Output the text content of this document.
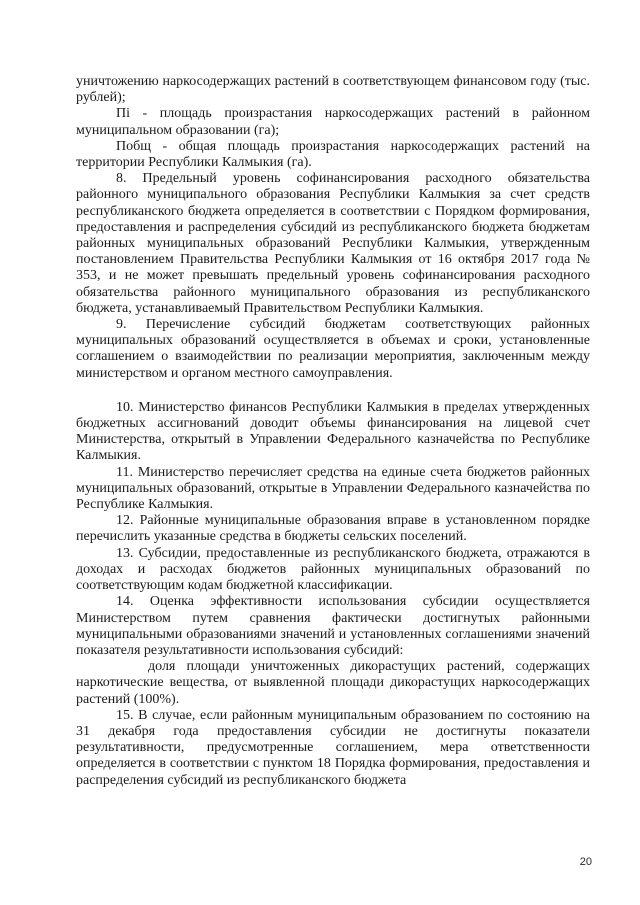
уничтожению наркосодержащих растений в соответствующем финансовом году (тыс. рублей);

Пi - площадь произрастания наркосодержащих растений в районном муниципальном образовании (га);

Побщ - общая площадь произрастания наркосодержащих растений на территории Республики Калмыкия (га).

8. Предельный уровень софинансирования расходного обязательства районного муниципального образования Республики Калмыкия за счет средств республиканского бюджета определяется в соответствии с Порядком формирования, предоставления и распределения субсидий из республиканского бюджета бюджетам районных муниципальных образований Республики Калмыкия, утвержденным постановлением Правительства Республики Калмыкия от 16 октября 2017 года № 353, и не может превышать предельный уровень софинансирования расходного обязательства районного муниципального образования из республиканского бюджета, устанавливаемый Правительством Республики Калмыкия.

9. Перечисление субсидий бюджетам соответствующих районных муниципальных образований осуществляется в объемах и сроки, установленные соглашением о взаимодействии по реализации мероприятия, заключенным между министерством и органом местного самоуправления.

10. Министерство финансов Республики Калмыкия в пределах утвержденных бюджетных ассигнований доводит объемы финансирования на лицевой счет Министерства, открытый в Управлении Федерального казначейства по Республике Калмыкия.

11. Министерство перечисляет средства на единые счета бюджетов районных муниципальных образований, открытые в Управлении Федерального казначейства по Республике Калмыкия.

12. Районные муниципальные образования вправе в установленном порядке перечислить указанные средства в бюджеты сельских поселений.

13. Субсидии, предоставленные из республиканского бюджета, отражаются в доходах и расходах бюджетов районных муниципальных образований по соответствующим кодам бюджетной классификации.

14. Оценка эффективности использования субсидии осуществляется Министерством путем сравнения фактически достигнутых районными муниципальными образованиями значений и установленных соглашениями значений показателя результативности использования субсидий:

доля площади уничтоженных дикорастущих растений, содержащих наркотические вещества, от выявленной площади дикорастущих наркосодержащих растений (100%).

15. В случае, если районным муниципальным образованием по состоянию на 31 декабря года предоставления субсидии не достигнуты показатели результативности, предусмотренные соглашением, мера ответственности определяется в соответствии с пунктом 18 Порядка формирования, предоставления и распределения субсидий из республиканского бюджета

20
